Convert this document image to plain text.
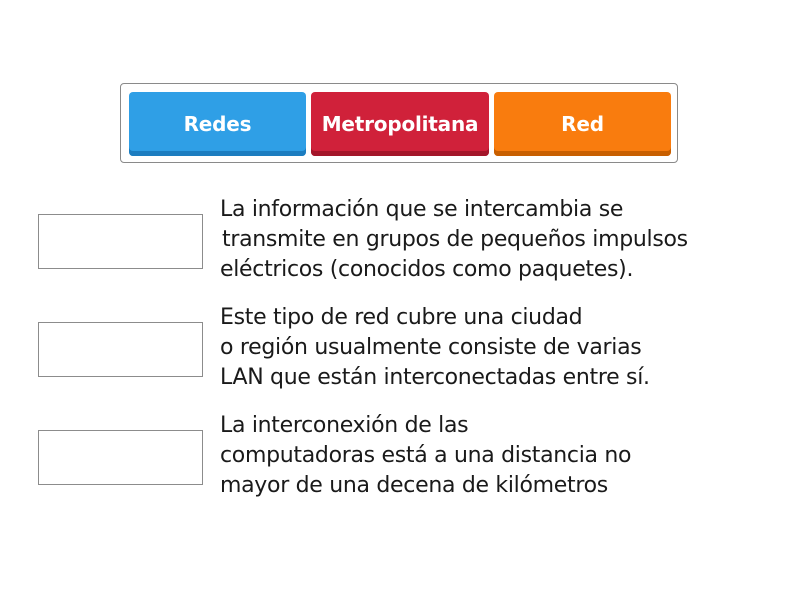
Redes	Metropolitana	Red
La información que se intercambia se
transmite en grupos de pequeños impulsos
eléctricos (conocidos como paquetes).
Este tipo de red cubre una ciudad
o región usualmente consiste de varias
LAN que están interconectadas entre sí.
La interconexión de las
computadoras está a una distancia no
mayor de una decena de kilómetros
